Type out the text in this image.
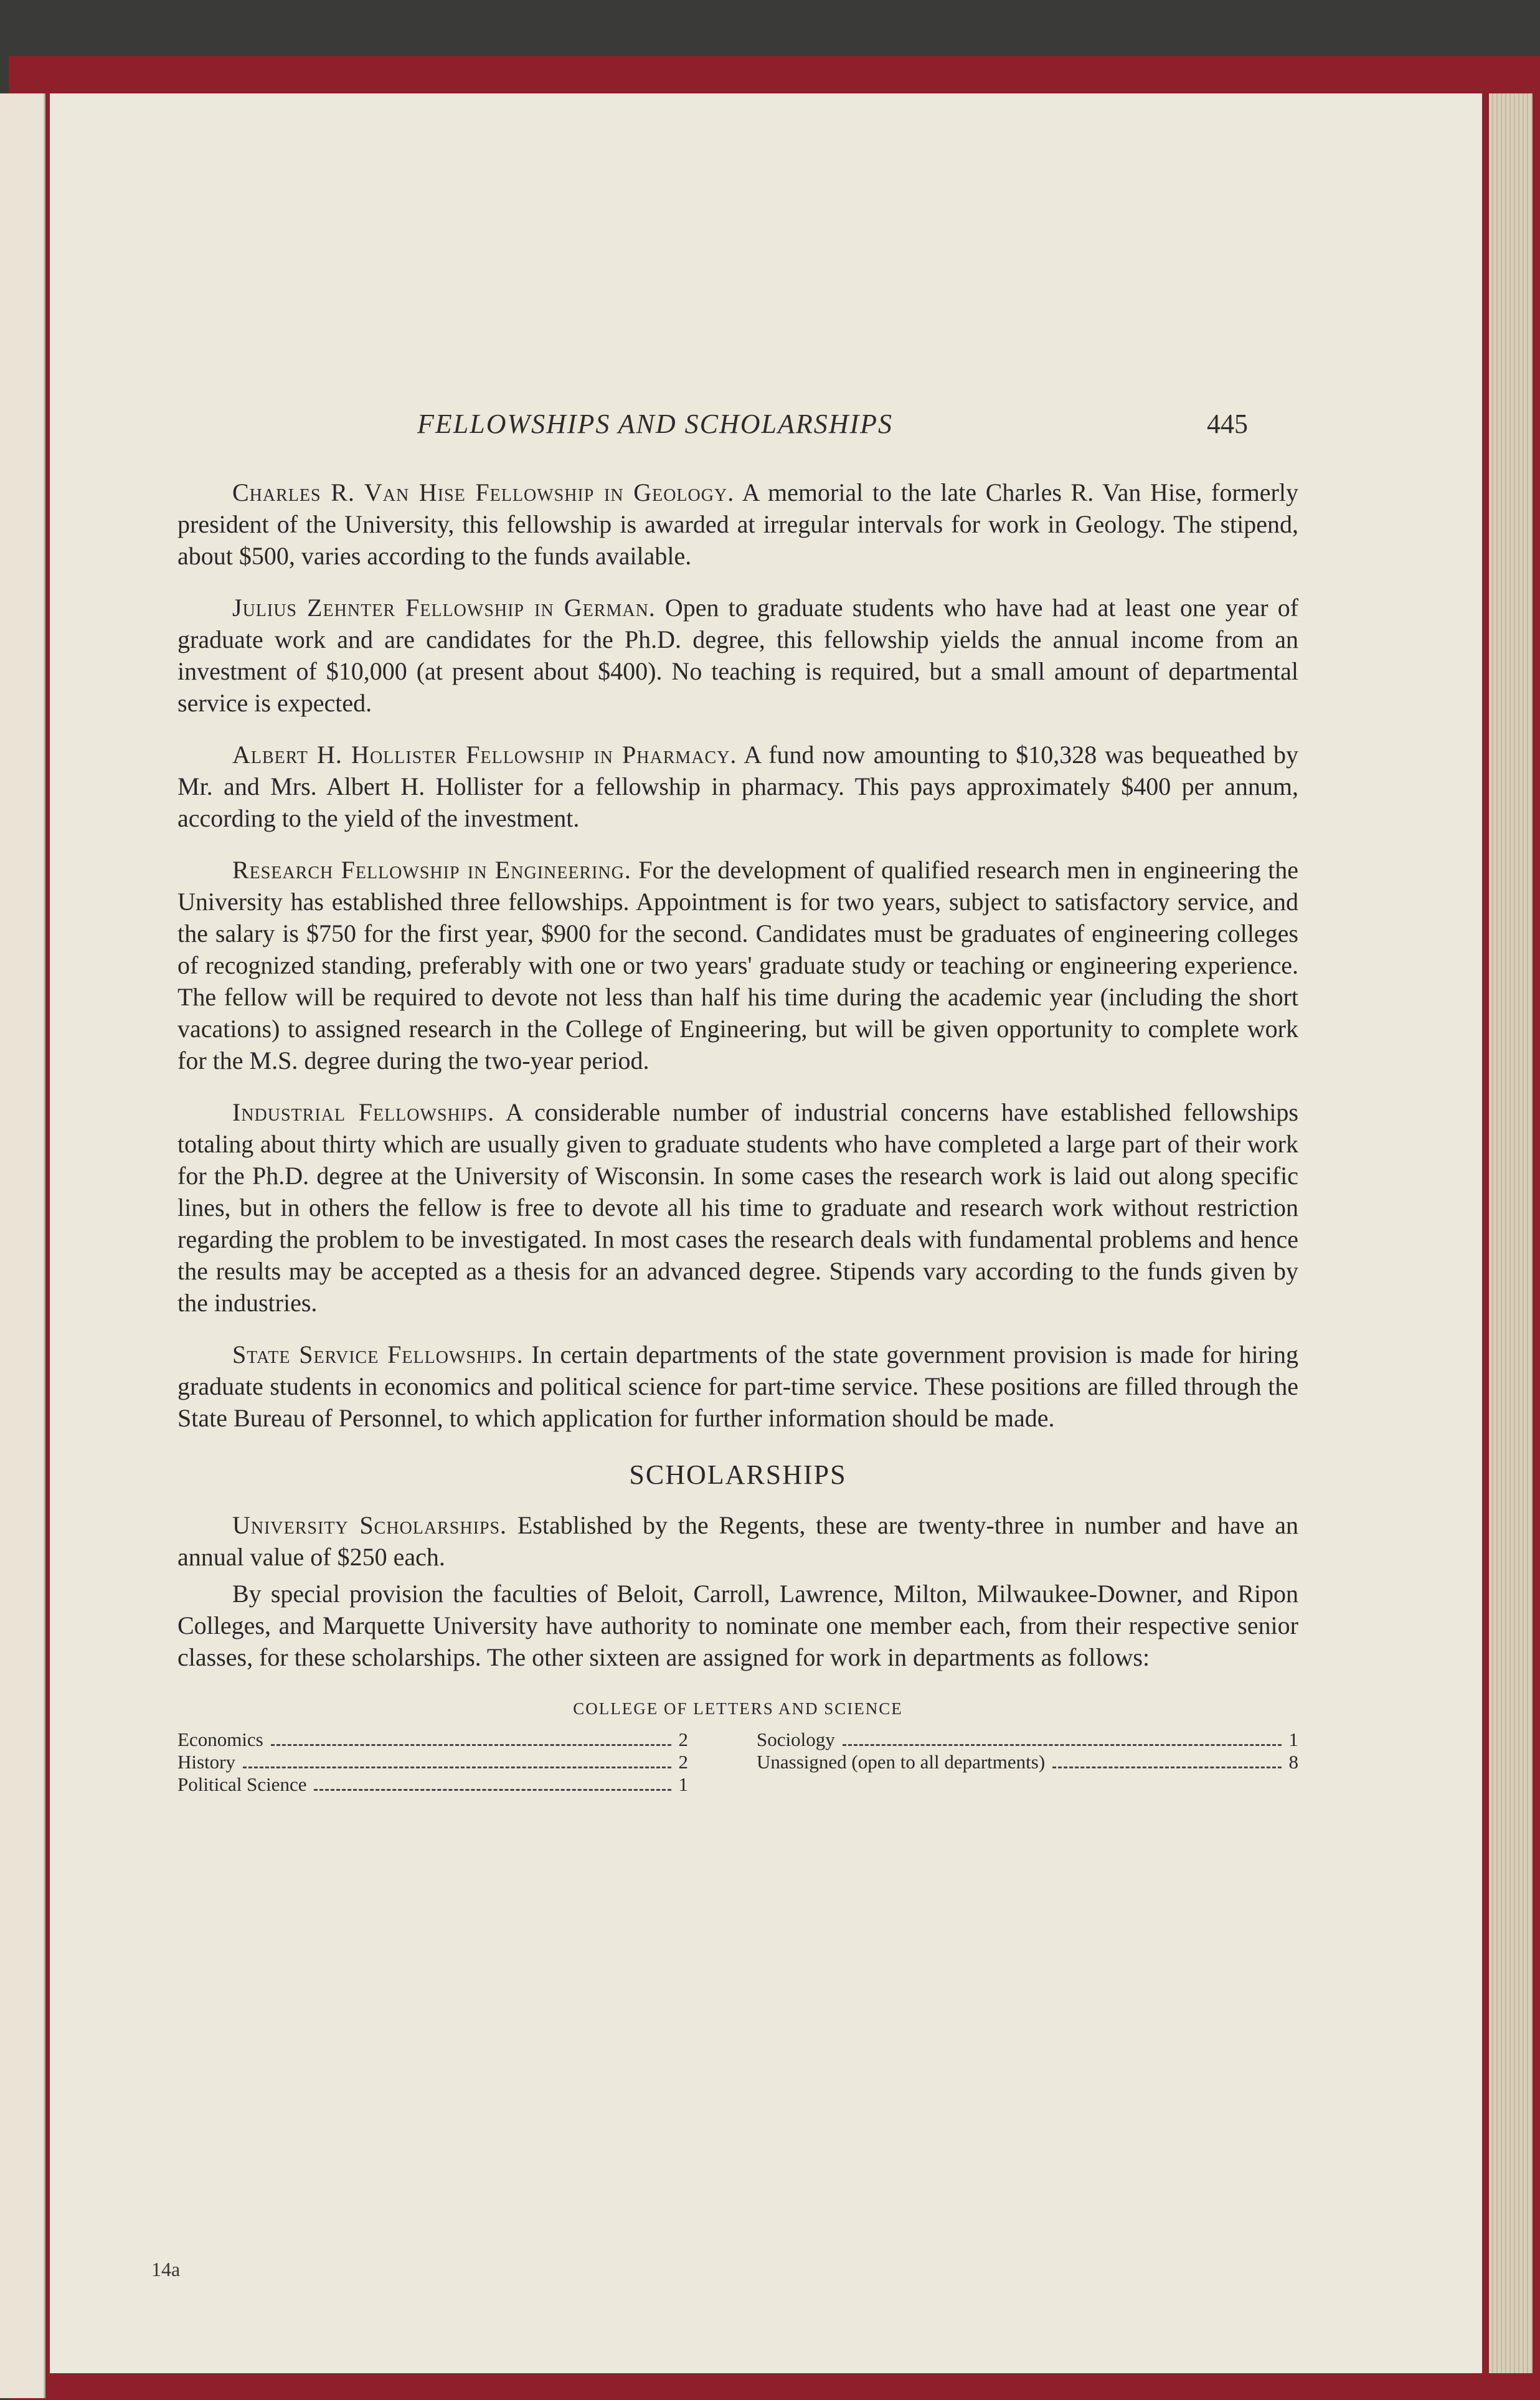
FELLOWSHIPS AND SCHOLARSHIPS	445

Charles R. Van Hise Fellowship in Geology. A memorial to the late Charles R. Van Hise, formerly president of the University, this fellowship is awarded at irregular intervals for work in Geology. The stipend, about $500, varies according to the funds available.

Julius Zehnter Fellowship in German. Open to graduate students who have had at least one year of graduate work and are candidates for the Ph.D. degree, this fellowship yields the annual income from an investment of $10,000 (at present about $400). No teaching is required, but a small amount of departmental service is expected.

Albert H. Hollister Fellowship in Pharmacy. A fund now amounting to $10,328 was bequeathed by Mr. and Mrs. Albert H. Hollister for a fellowship in pharmacy. This pays approximately $400 per annum, according to the yield of the investment.

Research Fellowship in Engineering. For the development of qualified research men in engineering the University has established three fellowships. Appointment is for two years, subject to satisfactory service, and the salary is $750 for the first year, $900 for the second. Candidates must be graduates of engineering colleges of recognized standing, preferably with one or two years' graduate study or teaching or engineering experience. The fellow will be required to devote not less than half his time during the academic year (including the short vacations) to assigned research in the College of Engineering, but will be given opportunity to complete work for the M.S. degree during the two-year period.

Industrial Fellowships. A considerable number of industrial concerns have established fellowships totaling about thirty which are usually given to graduate students who have completed a large part of their work for the Ph.D. degree at the University of Wisconsin. In some cases the research work is laid out along specific lines, but in others the fellow is free to devote all his time to graduate and research work without restriction regarding the problem to be investigated. In most cases the research deals with fundamental problems and hence the results may be accepted as a thesis for an advanced degree. Stipends vary according to the funds given by the industries.

State Service Fellowships. In certain departments of the state government provision is made for hiring graduate students in economics and political science for part-time service. These positions are filled through the State Bureau of Personnel, to which application for further information should be made.

SCHOLARSHIPS

University Scholarships. Established by the Regents, these are twenty-three in number and have an annual value of $250 each.

By special provision the faculties of Beloit, Carroll, Lawrence, Milton, Milwaukee-Downer, and Ripon Colleges, and Marquette University have authority to nominate one member each, from their respective senior classes, for these scholarships. The other sixteen are assigned for work in departments as follows:

COLLEGE OF LETTERS AND SCIENCE
Economics	2
History	2
Political Science	1
Sociology	1
Unassigned (open to all departments)	8
14a
